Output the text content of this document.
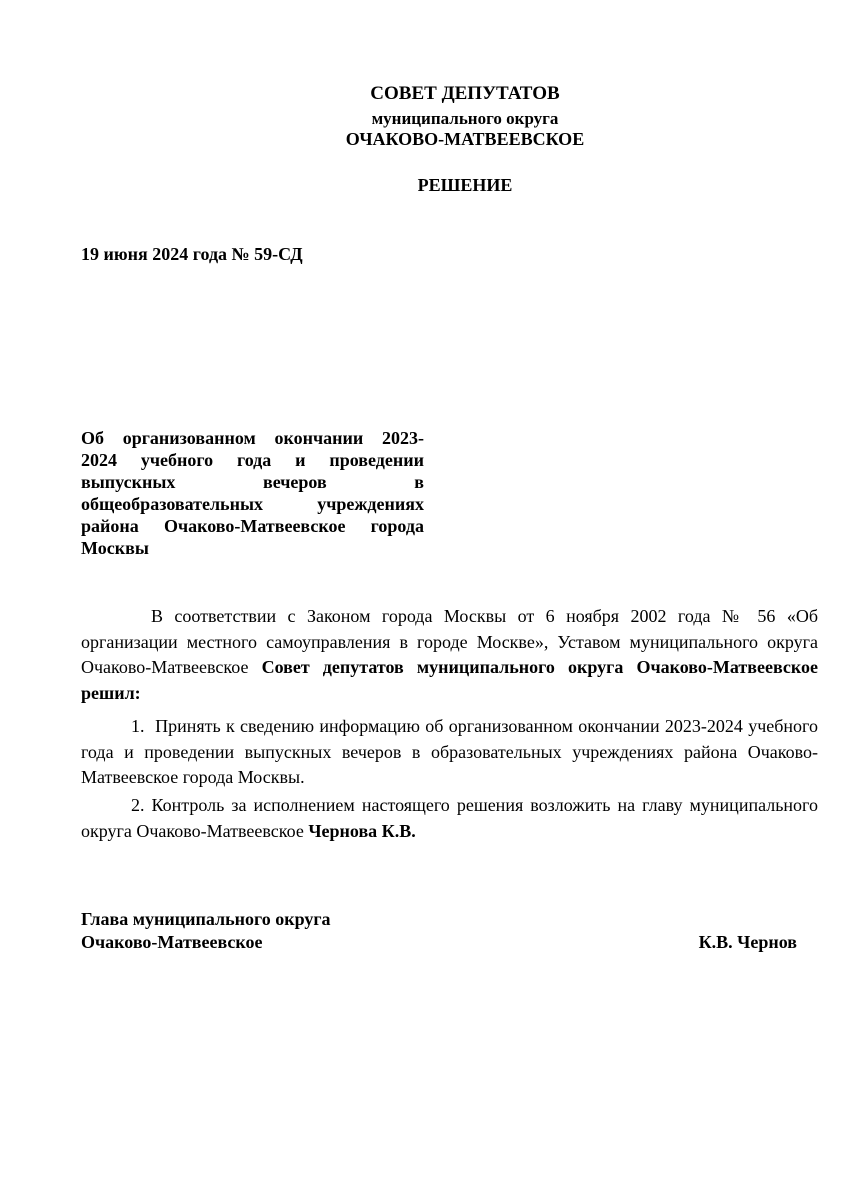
СОВЕТ ДЕПУТАТОВ
муниципального округа
ОЧАКОВО-МАТВЕЕВСКОЕ
РЕШЕНИЕ
19 июня 2024 года № 59-СД
Об организованном окончании 2023-
2024 учебного года и проведении
выпускных вечеров в
общеобразовательных учреждениях
района Очаково-Матвеевское города
Москвы
В соответствии с Законом города Москвы от 6 ноября 2002 года № 56 «Об организации местного самоуправления в городе Москве», Уставом муниципального округа Очаково-Матвеевское Совет депутатов муниципального округа Очаково-Матвеевское решил:
1. Принять к сведению информацию об организованном окончании 2023-2024 учебного года и проведении выпускных вечеров в образовательных учреждениях района Очаково-Матвеевское города Москвы.
2. Контроль за исполнением настоящего решения возложить на главу муниципального округа Очаково-Матвеевское Чернова К.В.
Глава муниципального округа
Очаково-Матвеевское	К.В. Чернов
